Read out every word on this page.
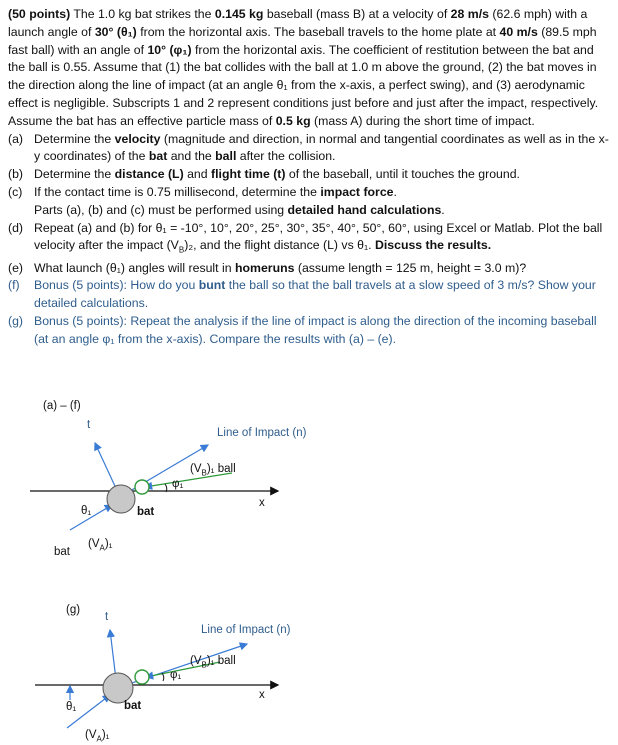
(50 points) The 1.0 kg bat strikes the 0.145 kg baseball (mass B) at a velocity of 28 m/s (62.6 mph) with a launch angle of 30° (θ₁) from the horizontal axis. The baseball travels to the home plate at 40 m/s (89.5 mph fast ball) with an angle of 10° (φ₁) from the horizontal axis. The coefficient of restitution between the bat and the ball is 0.55. Assume that (1) the bat collides with the ball at 1.0 m above the ground, (2) the bat moves in the direction along the line of impact (at an angle θ₁ from the x-axis, a perfect swing), and (3) aerodynamic effect is negligible. Subscripts 1 and 2 represent conditions just before and just after the impact, respectively. Assume the bat has an effective particle mass of 0.5 kg (mass A) during the short time of impact.

(a) Determine the velocity (magnitude and direction, in normal and tangential coordinates as well as in the x-y coordinates) of the bat and the ball after the collision.
(b) Determine the distance (L) and flight time (t) of the baseball, until it touches the ground.
(c) If the contact time is 0.75 millisecond, determine the impact force.
Parts (a), (b) and (c) must be performed using detailed hand calculations.
(d) Repeat (a) and (b) for θ₁ = -10°, 10°, 20°, 25°, 30°, 35°, 40°, 50°, 60°, using Excel or Matlab. Plot the ball velocity after the impact $(V_B)_2$, and the flight distance (L) vs θ₁. Discuss the results.
(e) What launch (θ₁) angles will result in homeruns (assume length = 125 m, height = 3.0 m)?
(f) Bonus (5 points): How do you bunt the ball so that the ball travels at a slow speed of 3 m/s? Show your detailed calculations.
(g) Bonus (5 points): Repeat the analysis if the line of impact is along the direction of the incoming baseball (at an angle φ₁ from the x-axis). Compare the results with (a) – (e).
(a) – (f)
t
Line of Impact (n)
$(V_B)_1$ ball
φ₁
x
θ₁	bat
$(V_A)_1$
bat
(g)
t
Line of Impact (n)
$(V_B)_1$ ball
φ₁
x
θ₁	bat
$(V_A)_1$
